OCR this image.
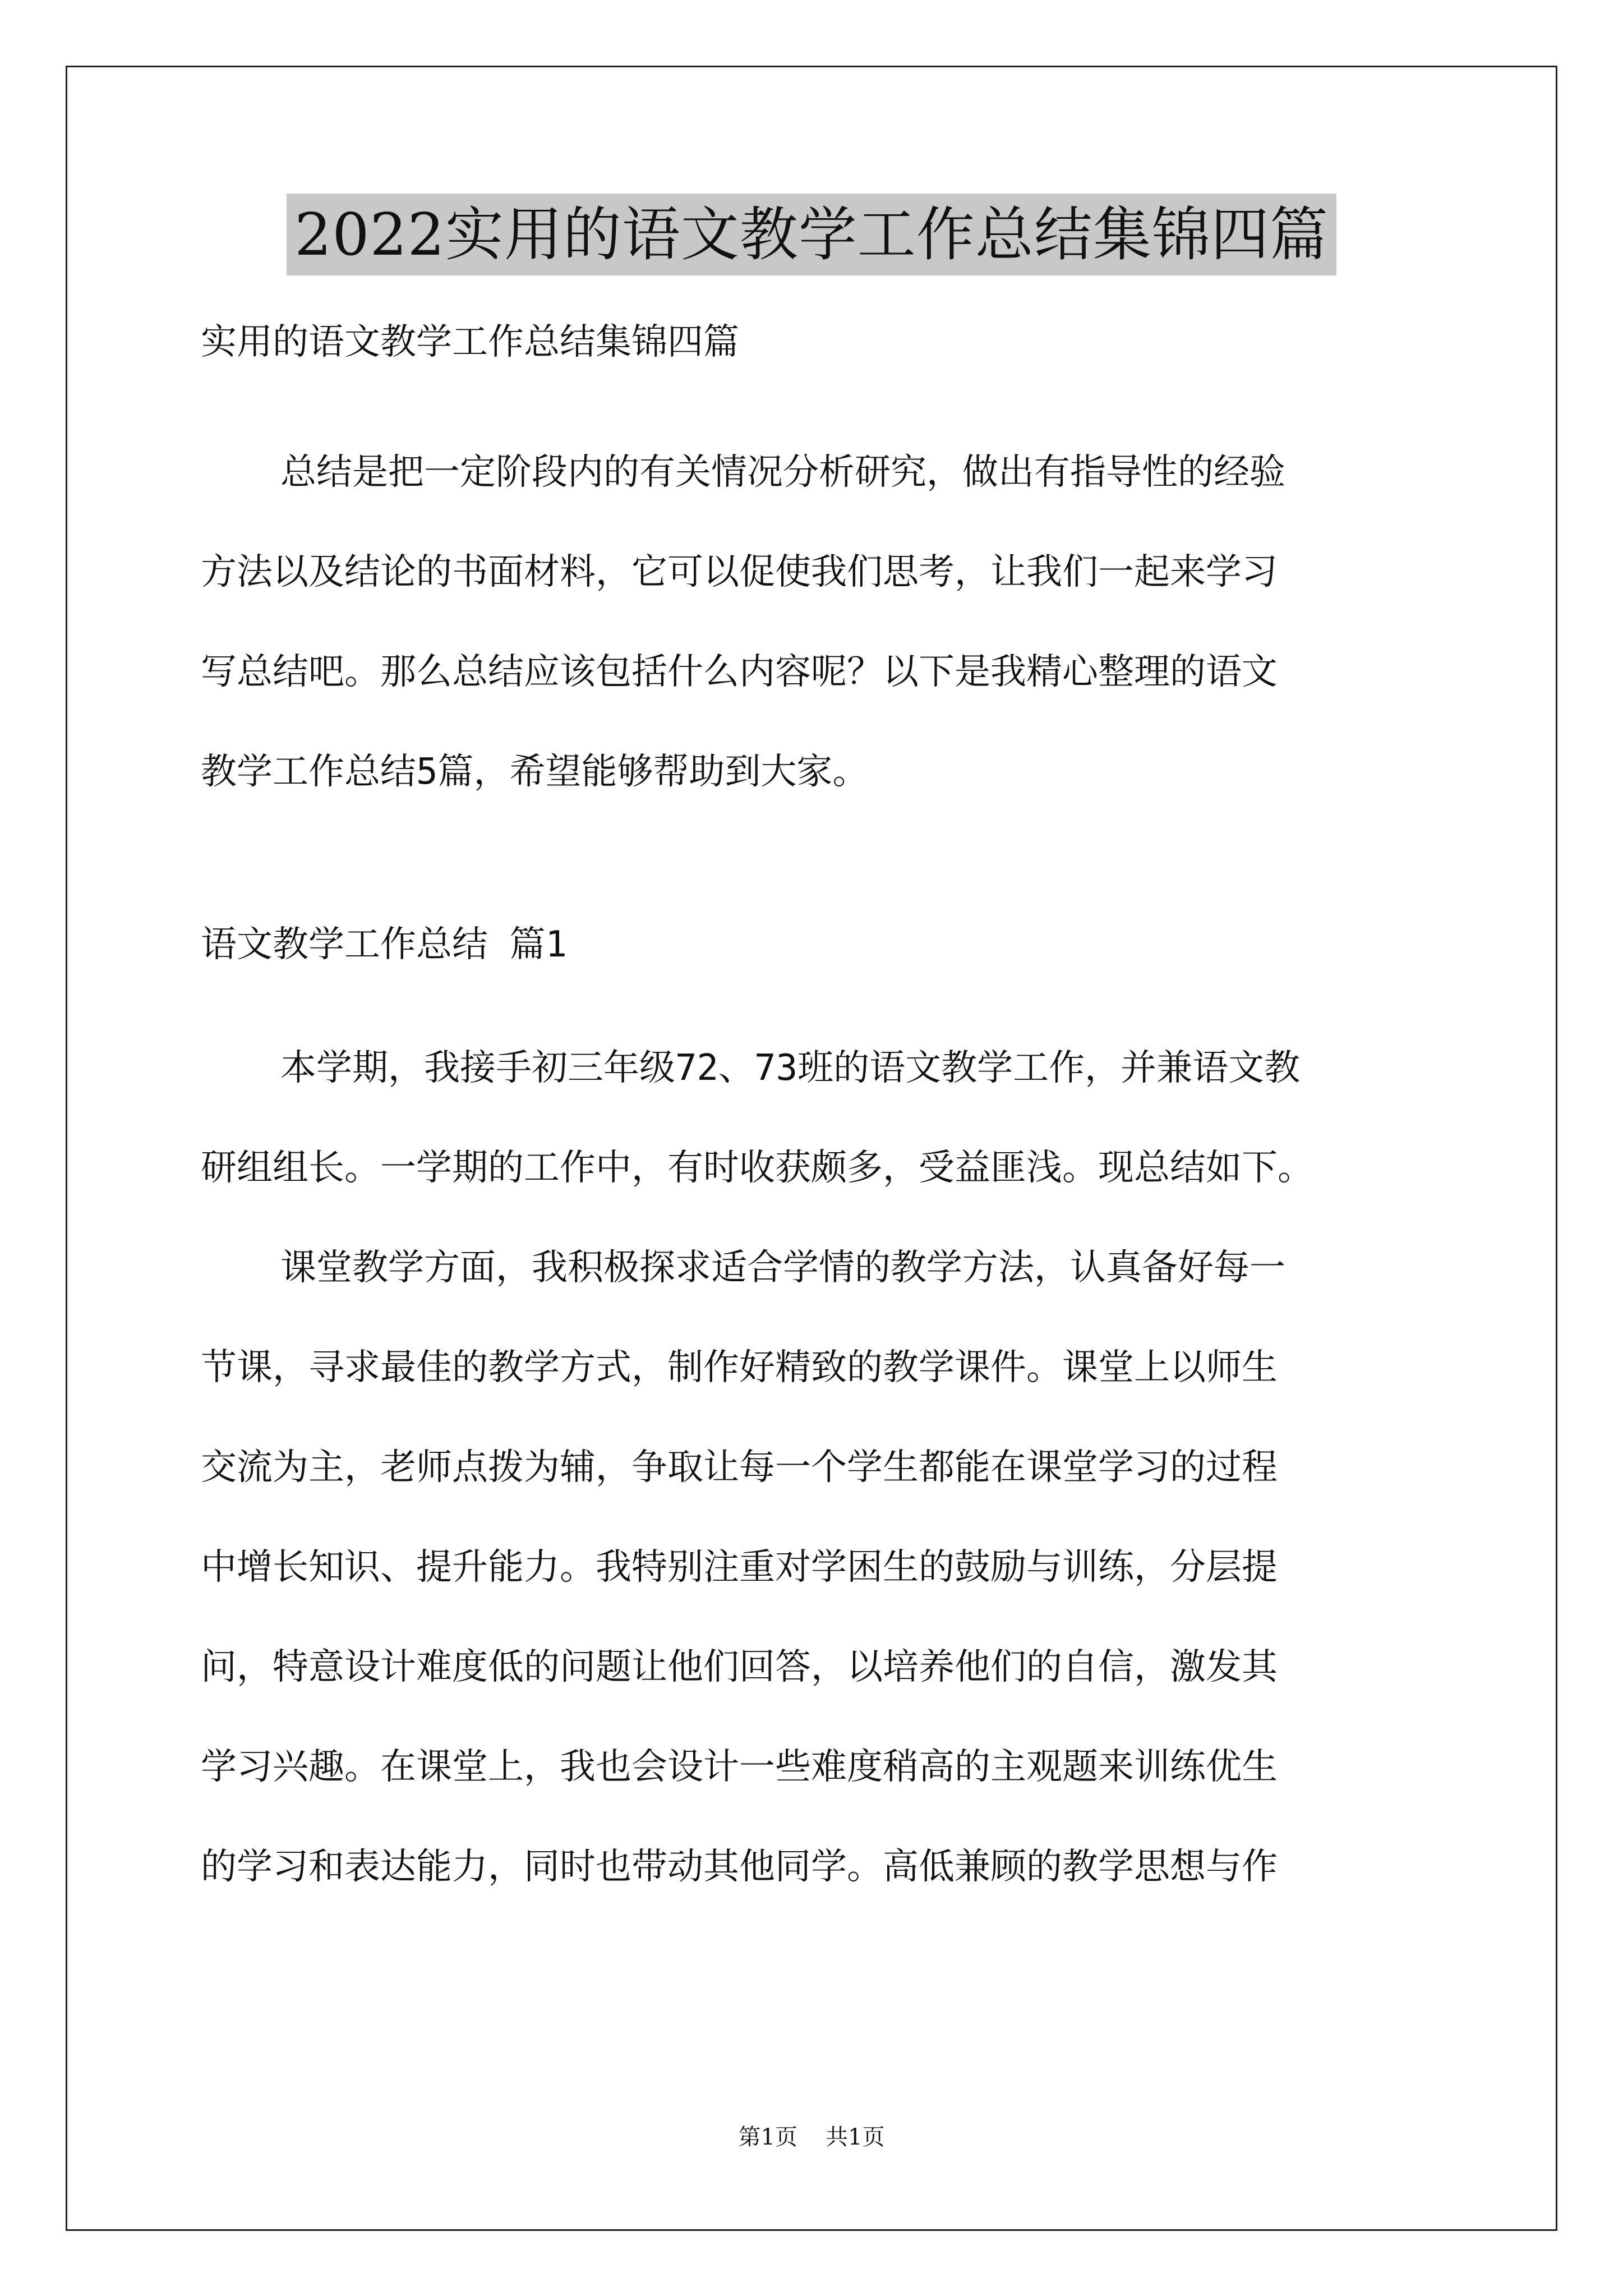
2022实用的语文教学工作总结集锦四篇
实用的语文教学工作总结集锦四篇
总结是把一定阶段内的有关情况分析研究，做出有指导性的经验
方法以及结论的书面材料，它可以促使我们思考，让我们一起来学习
写总结吧。那么总结应该包括什么内容呢？以下是我精心整理的语文
教学工作总结5篇，希望能够帮助到大家。
语文教学工作总结 篇1
本学期，我接手初三年级72、73班的语文教学工作，并兼语文教
研组组长。一学期的工作中，有时收获颇多，受益匪浅。现总结如下。
课堂教学方面，我积极探求适合学情的教学方法，认真备好每一
节课，寻求最佳的教学方式，制作好精致的教学课件。课堂上以师生
交流为主，老师点拨为辅，争取让每一个学生都能在课堂学习的过程
中增长知识、提升能力。我特别注重对学困生的鼓励与训练，分层提
问，特意设计难度低的问题让他们回答，以培养他们的自信，激发其
学习兴趣。在课堂上，我也会设计一些难度稍高的主观题来训练优生
的学习和表达能力，同时也带动其他同学。高低兼顾的教学思想与作
第1页 共1页
